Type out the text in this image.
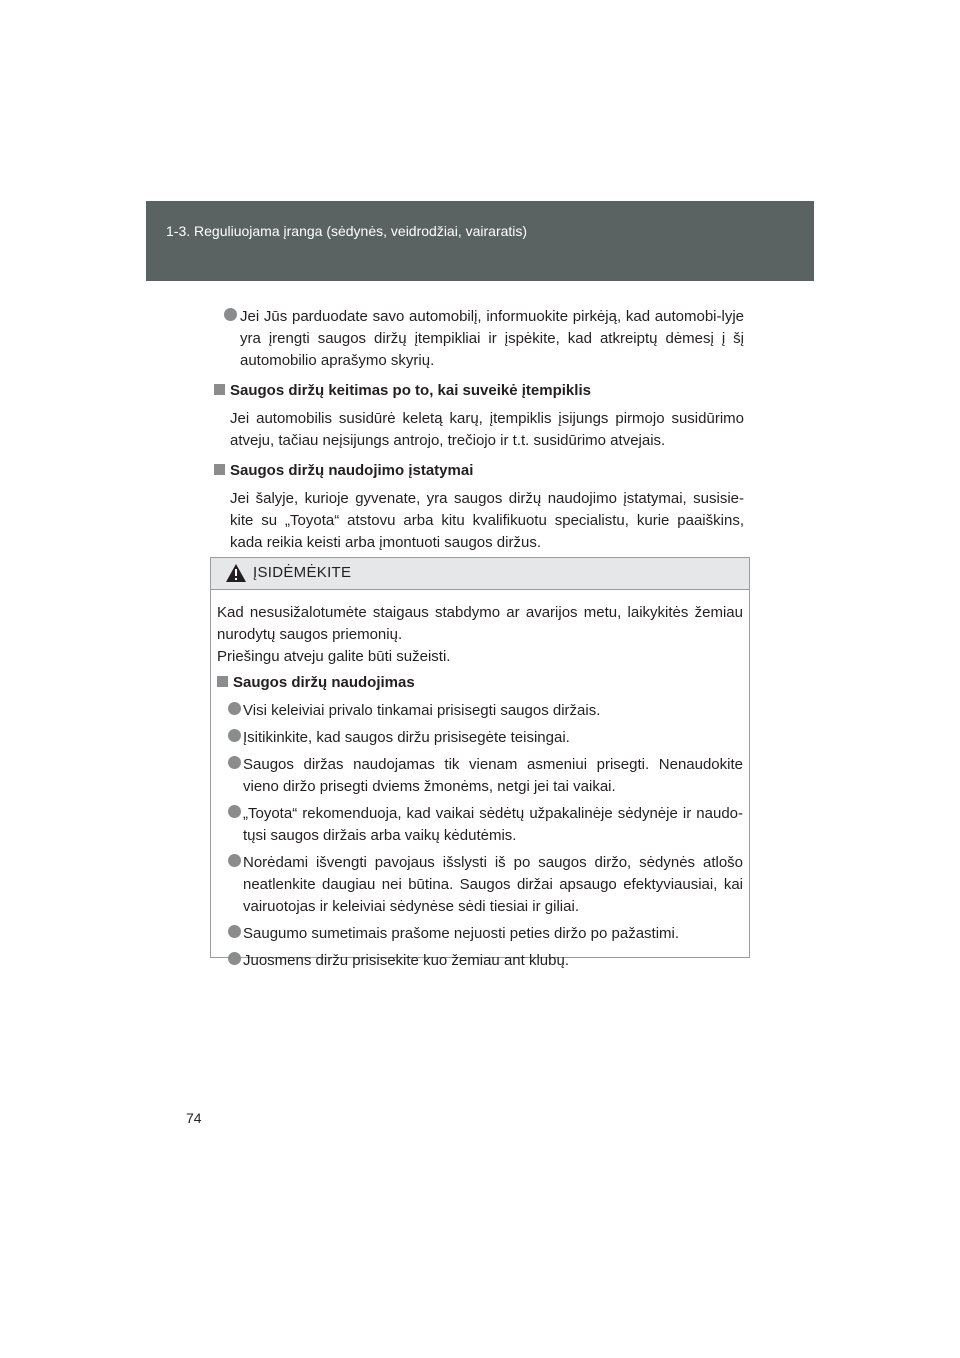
1-3. Reguliuojama įranga (sėdynės, veidrodžiai, vairaratis)
Jei Jūs parduodate savo automobilį, informuokite pirkėją, kad automobi-lyje yra įrengti saugos diržų įtempikliai ir įspėkite, kad atkreiptų dėmesį į šį automobilio aprašymo skyrių.
Saugos diržų keitimas po to, kai suveikė įtempiklis
Jei automobilis susidūrė keletą karų, įtempiklis įsijungs pirmojo susidūrimo atveju, tačiau neįsijungs antrojo, trečiojo ir t.t. susidūrimo atvejais.
Saugos diržų naudojimo įstatymai
Jei šalyje, kurioje gyvenate, yra saugos diržų naudojimo įstatymai, susisie-kite su „Toyota“ atstovu arba kitu kvalifikuotu specialistu, kurie paaiškins, kada reikia keisti arba įmontuoti saugos diržus.
ĮSIDĖMĖKITE
Kad nesusižalotumėte staigaus stabdymo ar avarijos metu, laikykitės žemiau nurodytų saugos priemonių.
Priešingu atveju galite būti sužeisti.
Saugos diržų naudojimas
Visi keleiviai privalo tinkamai prisisegti saugos diržais.
Įsitikinkite, kad saugos diržu prisisegėte teisingai.
Saugos diržas naudojamas tik vienam asmeniui prisegti. Nenaudokite vieno diržo prisegti dviems žmonėms, netgi jei tai vaikai.
„Toyota“ rekomenduoja, kad vaikai sėdėtų užpakalinėje sėdynėje ir naudo-tųsi saugos diržais arba vaikų kėdutėmis.
Norėdami išvengti pavojaus išslysti iš po saugos diržo, sėdynės atlošo neatlenkite daugiau nei būtina. Saugos diržai apsaugo efektyviausiai, kai vairuotojas ir keleiviai sėdynėse sėdi tiesiai ir giliai.
Saugumo sumetimais prašome nejuosti peties diržo po pažastimi.
Juosmens diržu prisisekite kuo žemiau ant klubų.
74
